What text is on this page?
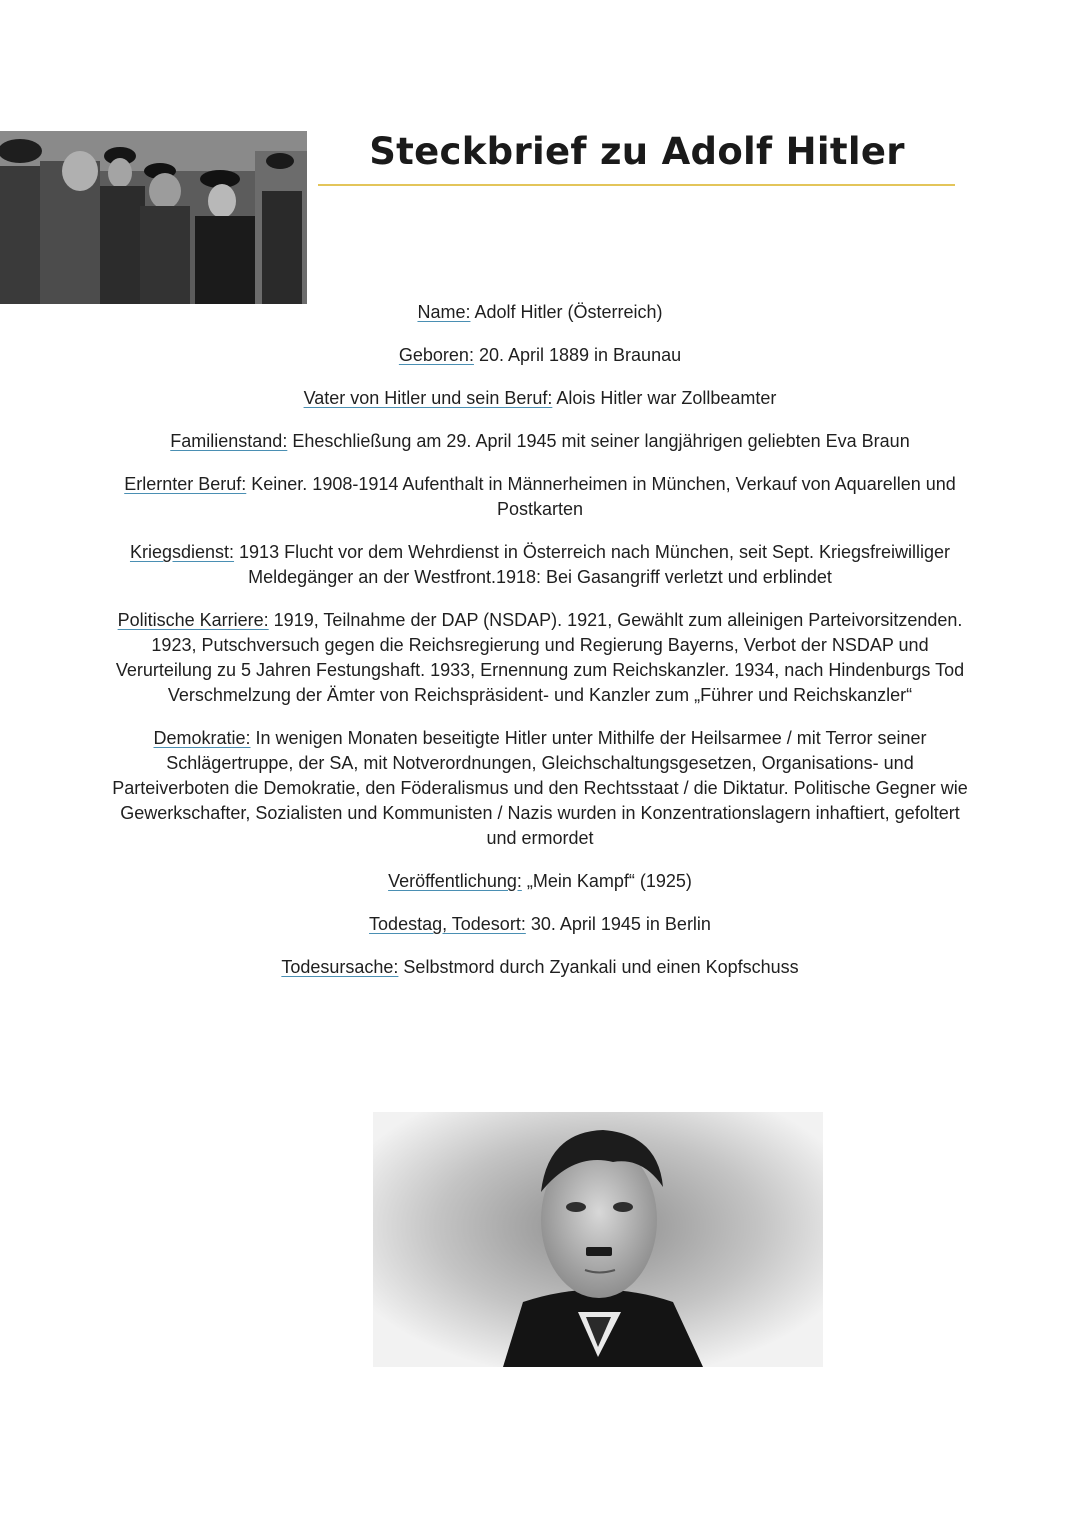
Steckbrief zu Adolf Hitler

Name: Adolf Hitler (Österreich)

Geboren: 20. April 1889 in Braunau

Vater von Hitler und sein Beruf: Alois Hitler war Zollbeamter

Familienstand: Eheschließung am 29. April 1945 mit seiner langjährigen geliebten Eva Braun

Erlernter Beruf: Keiner. 1908-1914 Aufenthalt in Männerheimen in München, Verkauf von Aquarellen und Postkarten

Kriegsdienst: 1913 Flucht vor dem Wehrdienst in Österreich nach München, seit Sept. Kriegsfreiwilliger Meldegänger an der Westfront.1918: Bei Gasangriff verletzt und erblindet

Politische Karriere: 1919, Teilnahme der DAP (NSDAP). 1921, Gewählt zum alleinigen Parteivorsitzenden. 1923, Putschversuch gegen die Reichsregierung und Regierung Bayerns, Verbot der NSDAP und Verurteilung zu 5 Jahren Festungshaft. 1933, Ernennung zum Reichskanzler. 1934, nach Hindenburgs Tod Verschmelzung der Ämter von Reichspräsident- und Kanzler zum „Führer und Reichskanzler“

Demokratie: In wenigen Monaten beseitigte Hitler unter Mithilfe der Heilsarmee / mit Terror seiner Schlägertruppe, der SA, mit Notverordnungen, Gleichschaltungsgesetzen, Organisations- und Parteiverboten die Demokratie, den Föderalismus und den Rechtsstaat / die Diktatur. Politische Gegner wie Gewerkschafter, Sozialisten und Kommunisten / Nazis wurden in Konzentrationslagern inhaftiert, gefoltert und ermordet

Veröffentlichung: „Mein Kampf“ (1925)

Todestag, Todesort: 30. April 1945 in Berlin

Todesursache: Selbstmord durch Zyankali und einen Kopfschuss
